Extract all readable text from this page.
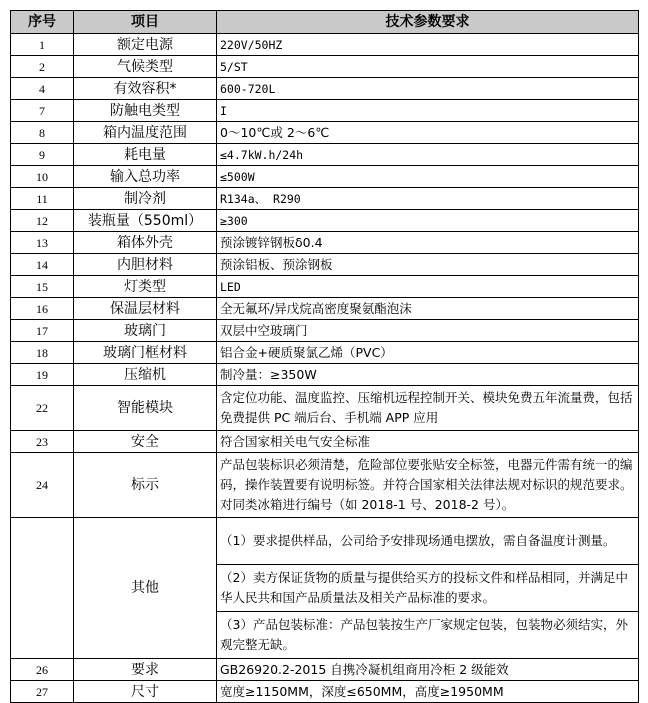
序号	项目	技术参数要求
1	额定电源	220V/50HZ
2	气候类型	5/ST
4	有效容积*	600-720L
7	防触电类型	I
8	箱内温度范围	0～10℃或 2～6℃
9	耗电量	≤4.7kW.h/24h
10	输入总功率	≤500W
11	制冷剂	R134a、 R290
12	装瓶量（550ml）	≥300
13	箱体外壳	预涂镀锌钢板δ0.4
14	内胆材料	预涂铝板、预涂钢板
15	灯类型	LED
16	保温层材料	全无氟环/异戊烷高密度聚氨酯泡沫
17	玻璃门	双层中空玻璃门
18	玻璃门框材料	铝合金+硬质聚氯乙烯（PVC）
19	压缩机	制冷量：≥350W
22	智能模块	含定位功能、温度监控、压缩机远程控制开关、模块免费五年流量费，包括免费提供 PC 端后台、手机端 APP 应用
23	安全	符合国家相关电气安全标准
24	标示	产品包装标识必须清楚，危险部位要张贴安全标签，电器元件需有统一的编码，操作装置要有说明标签。并符合国家相关法律法规对标识的规范要求。对同类冰箱进行编号（如 2018-1 号、2018-2 号）。
	其他	（1）要求提供样品，公司给予安排现场通电摆放，需自备温度计测量。
		（2）卖方保证货物的质量与提供给买方的投标文件和样品相同，并满足中华人民共和国产品质量法及相关产品标准的要求。
		（3）产品包装标准：产品包装按生产厂家规定包装，包装物必须结实，外观完整无缺。
26	要求	GB26920.2-2015 自携冷凝机组商用冷柜 2 级能效
27	尺寸	宽度≥1150MM，深度≤650MM，高度≥1950MM
